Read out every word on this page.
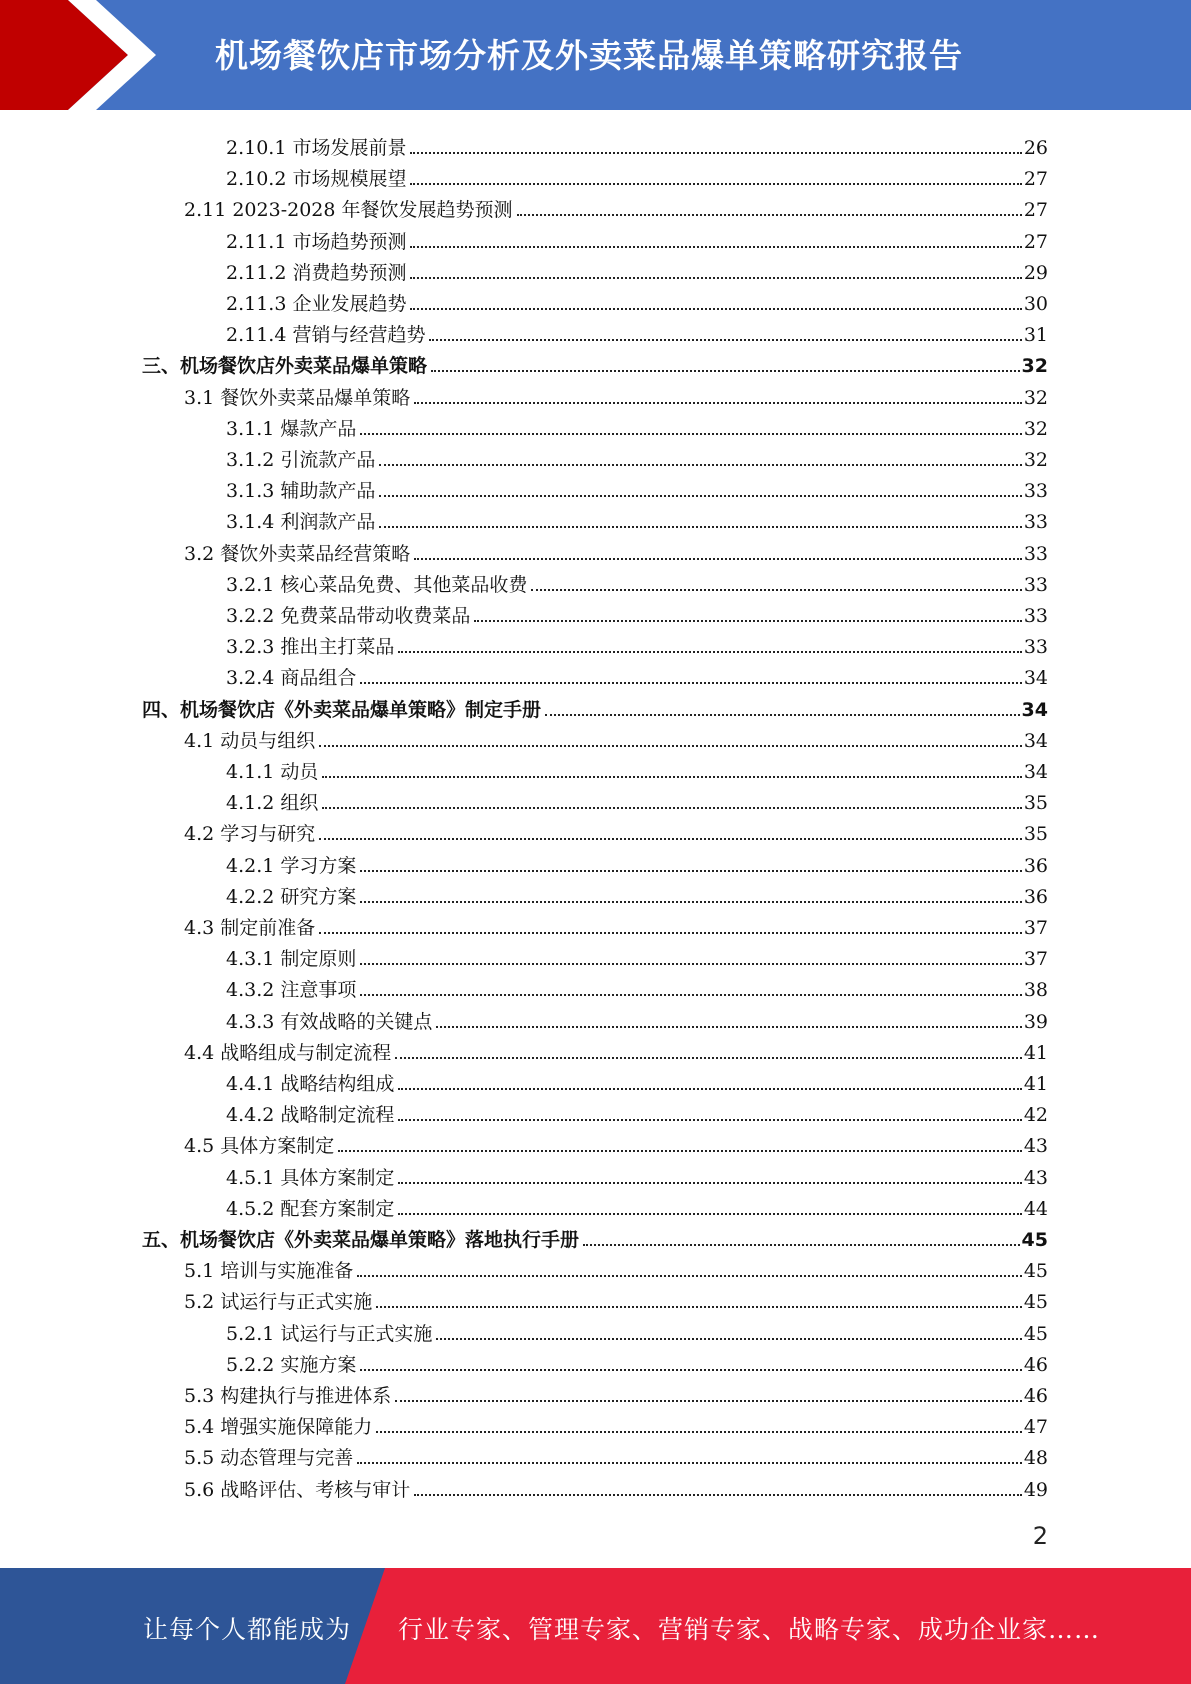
机场餐饮店市场分析及外卖菜品爆单策略研究报告
2.10.1 市场发展前景	26
2.10.2 市场规模展望	27
2.11 2023-2028 年餐饮发展趋势预测	27
2.11.1 市场趋势预测	27
2.11.2 消费趋势预测	29
2.11.3 企业发展趋势	30
2.11.4 营销与经营趋势	31
三、机场餐饮店外卖菜品爆单策略	32
3.1 餐饮外卖菜品爆单策略	32
3.1.1 爆款产品	32
3.1.2 引流款产品	32
3.1.3 辅助款产品	33
3.1.4 利润款产品	33
3.2 餐饮外卖菜品经营策略	33
3.2.1 核心菜品免费、其他菜品收费	33
3.2.2 免费菜品带动收费菜品	33
3.2.3 推出主打菜品	33
3.2.4 商品组合	34
四、机场餐饮店《外卖菜品爆单策略》制定手册	34
4.1 动员与组织	34
4.1.1 动员	34
4.1.2 组织	35
4.2 学习与研究	35
4.2.1 学习方案	36
4.2.2 研究方案	36
4.3 制定前准备	37
4.3.1 制定原则	37
4.3.2 注意事项	38
4.3.3 有效战略的关键点	39
4.4 战略组成与制定流程	41
4.4.1 战略结构组成	41
4.4.2 战略制定流程	42
4.5 具体方案制定	43
4.5.1 具体方案制定	43
4.5.2 配套方案制定	44
五、机场餐饮店《外卖菜品爆单策略》落地执行手册	45
5.1 培训与实施准备	45
5.2 试运行与正式实施	45
5.2.1 试运行与正式实施	45
5.2.2 实施方案	46
5.3 构建执行与推进体系	46
5.4 增强实施保障能力	47
5.5 动态管理与完善	48
5.6 战略评估、考核与审计	49
2
让每个人都能成为 行业专家、管理专家、营销专家、战略专家、成功企业家……
